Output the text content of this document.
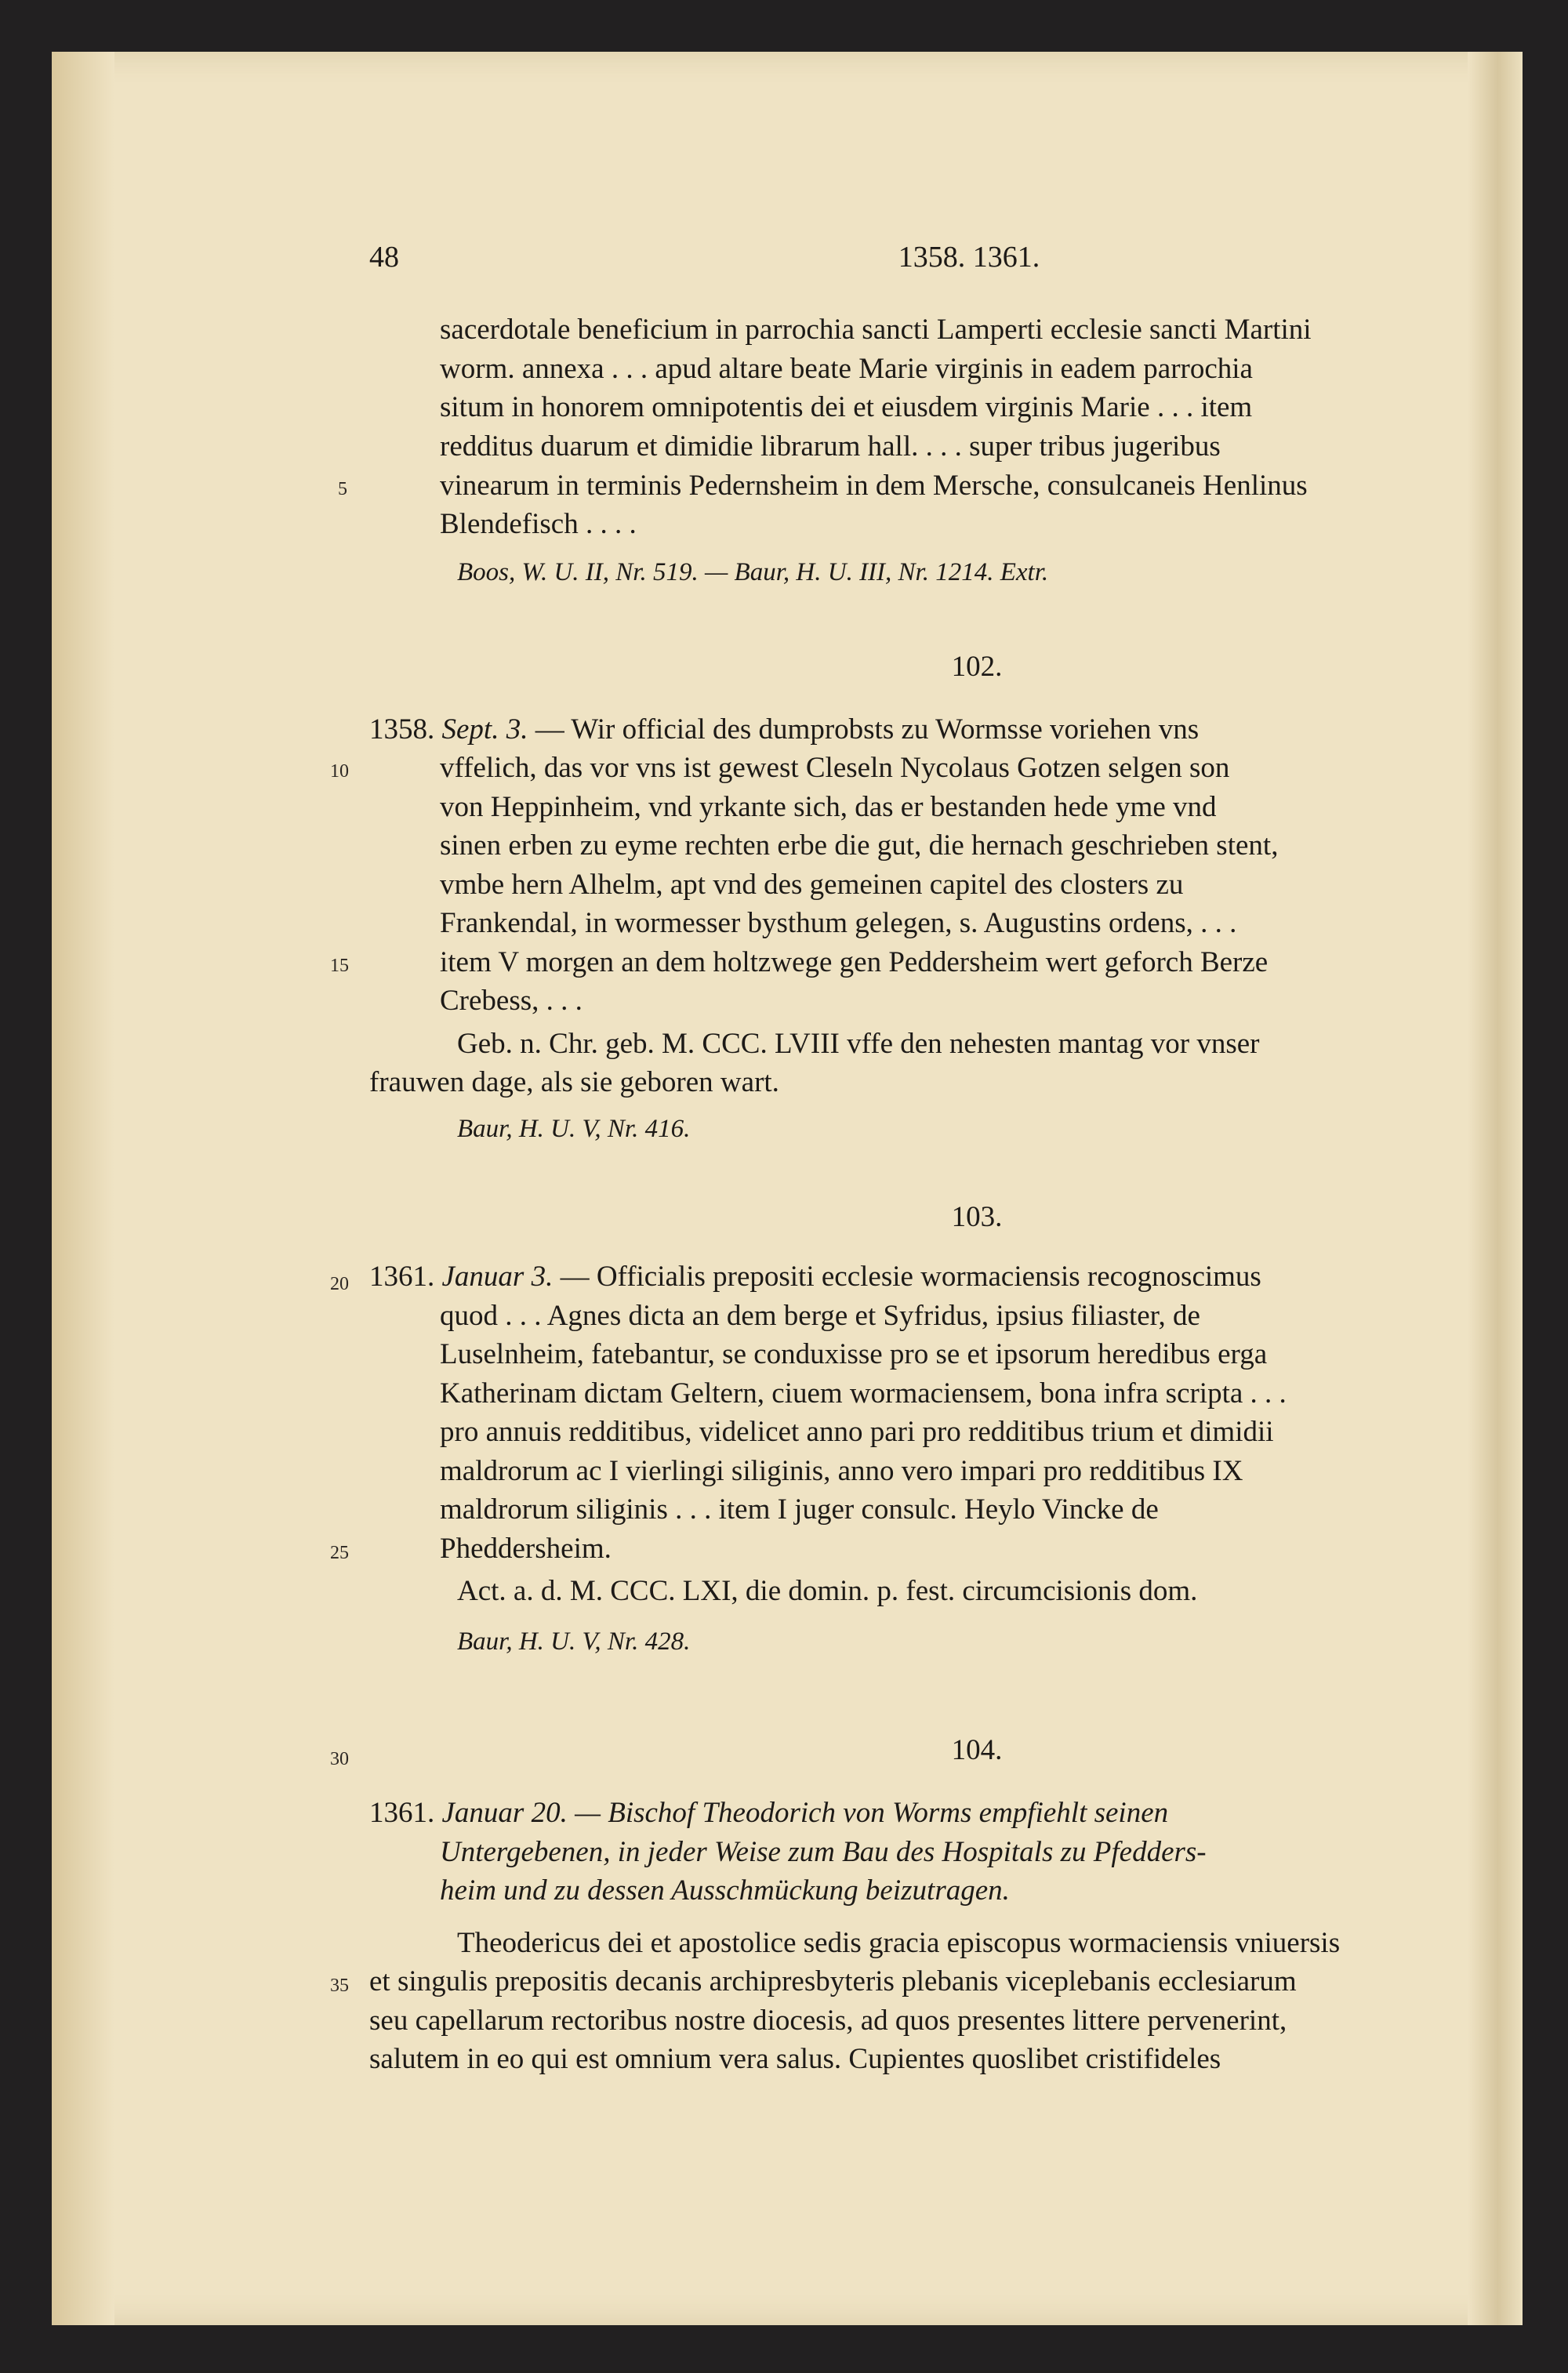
48	1358. 1361.
sacerdotale beneficium in parrochia sancti Lamperti ecclesie sancti Martini
worm. annexa . . . apud altare beate Marie virginis in eadem parrochia
situm in honorem omnipotentis dei et eiusdem virginis Marie . . . item
redditus duarum et dimidie librarum hall. . . . super tribus jugeribus
5	vinearum in terminis Pedernsheim in dem Mersche, consulcaneis Henlinus
Blendefisch . . . .
Boos, W. U. II, Nr. 519. — Baur, H. U. III, Nr. 1214. Extr.
102.
1358. Sept. 3. — Wir official des dumprobsts zu Wormsse voriehen vns
10	vffelich, das vor vns ist gewest Cleseln Nycolaus Gotzen selgen son
von Heppinheim, vnd yrkante sich, das er bestanden hede yme vnd
sinen erben zu eyme rechten erbe die gut, die hernach geschrieben stent,
vmbe hern Alhelm, apt vnd des gemeinen capitel des closters zu
Frankendal, in wormesser bysthum gelegen, s. Augustins ordens, . . .
15	item V morgen an dem holtzwege gen Peddersheim wert geforch Berze
Crebess, . . .
Geb. n. Chr. geb. M. CCC. LVIII vffe den nehesten mantag vor vnser
frauwen dage, als sie geboren wart.
Baur, H. U. V, Nr. 416.
103.
20 1361. Januar 3. — Officialis prepositi ecclesie wormaciensis recognoscimus
quod . . . Agnes dicta an dem berge et Syfridus, ipsius filiaster, de
Luselnheim, fatebantur, se conduxisse pro se et ipsorum heredibus erga
Katherinam dictam Geltern, ciuem wormaciensem, bona infra scripta . . .
pro annuis redditibus, videlicet anno pari pro redditibus trium et dimidii
25
maldrorum ac I vierlingi siliginis, anno vero impari pro redditibus IX
maldrorum siliginis . . . item I juger consulc. Heylo Vincke de
Pheddersheim.
Act. a. d. M. CCC. LXI, die domin. p. fest. circumcisionis dom.
Baur, H. U. V, Nr. 428.
30	104.
1361. Januar 20. — Bischof Theodorich von Worms empfiehlt seinen
Untergebenen, in jeder Weise zum Bau des Hospitals zu Pfedders-
heim und zu dessen Ausschmückung beizutragen.
Theodericus dei et apostolice sedis gracia episcopus wormaciensis vniuersis
35 et singulis prepositis decanis archipresbyteris plebanis viceplebanis ecclesiarum
seu capellarum rectoribus nostre diocesis, ad quos presentes littere pervenerint,
salutem in eo qui est omnium vera salus. Cupientes quoslibet cristifideles
